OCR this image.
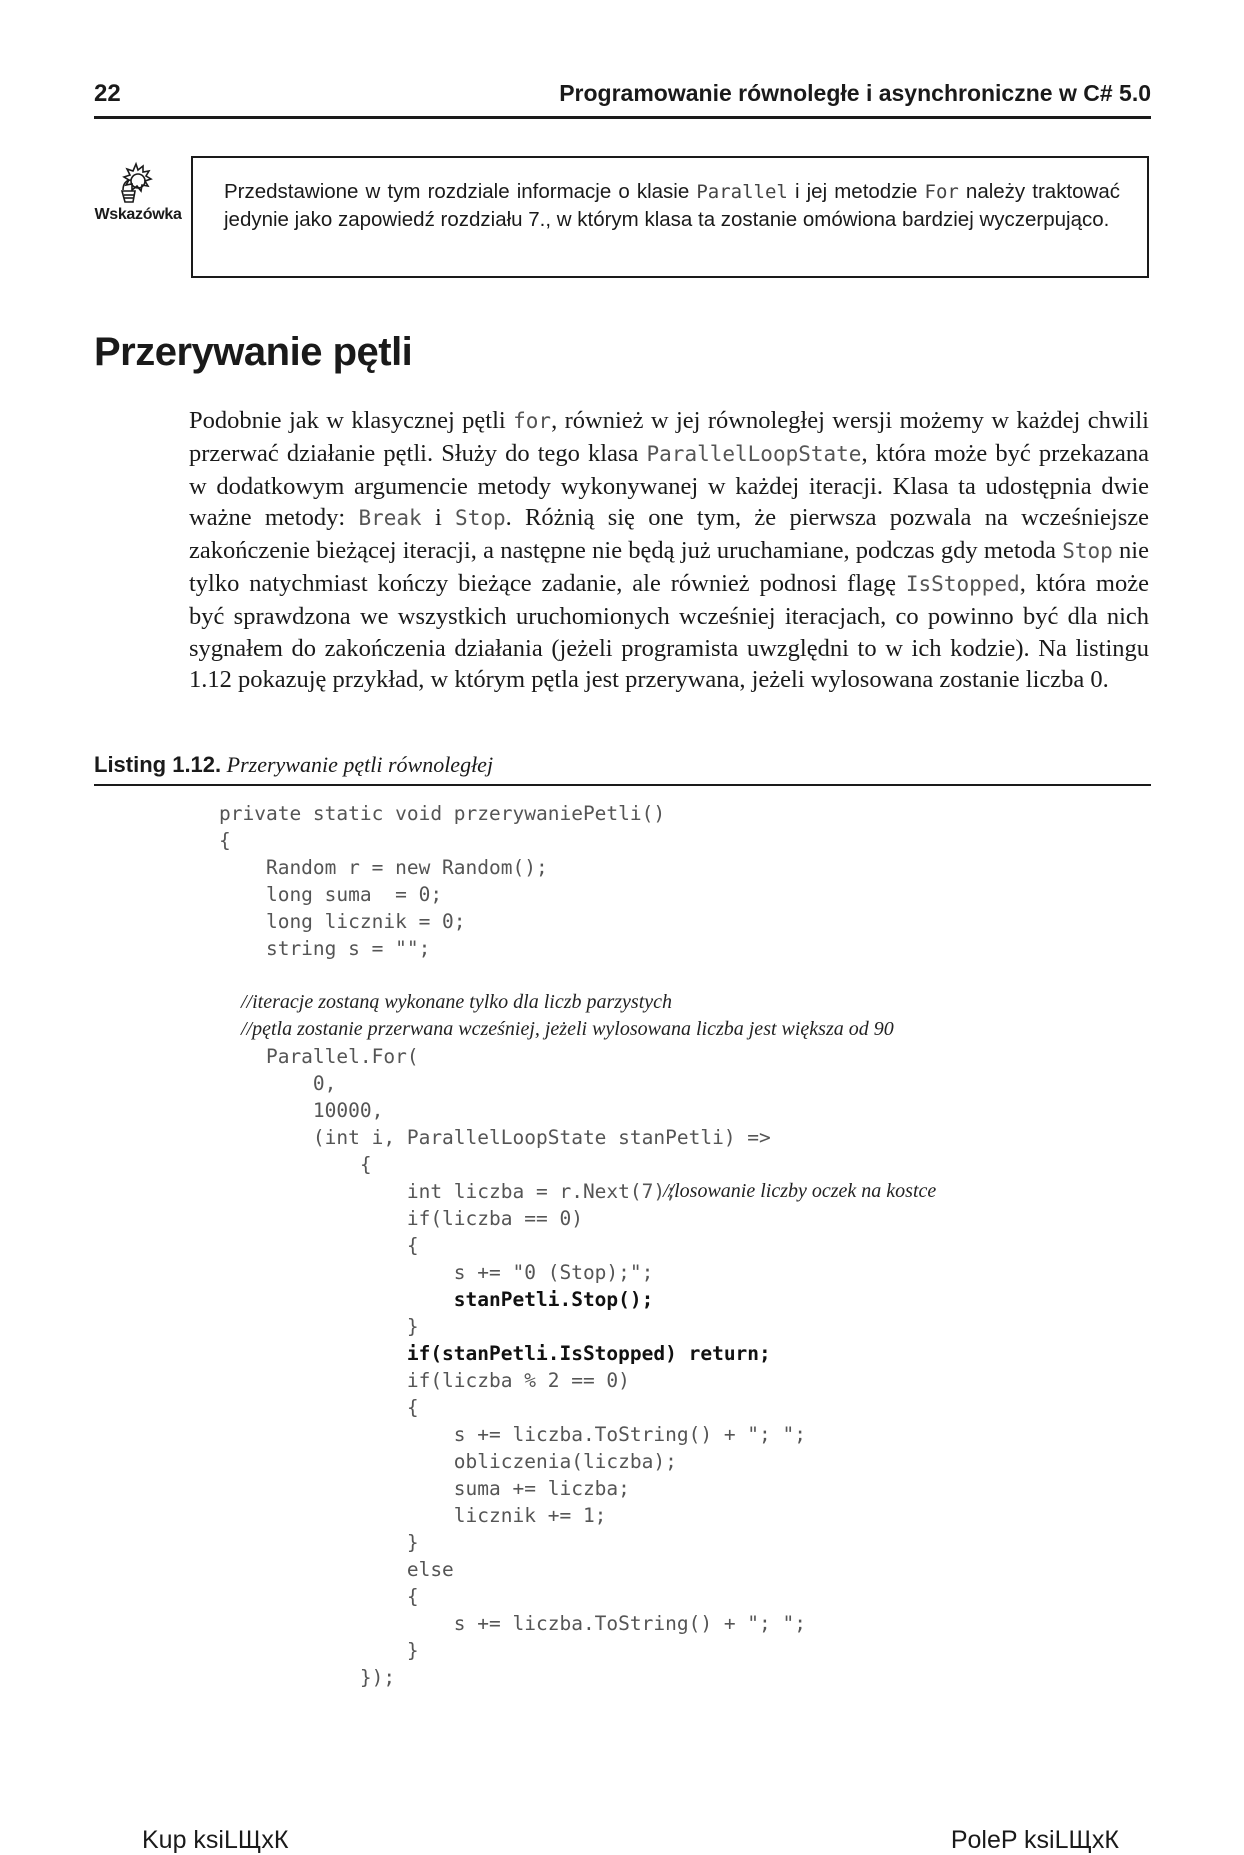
22	Programowanie równoległe i asynchroniczne w C# 5.0
Wskazówka
Przedstawione w tym rozdziale informacje o klasie Parallel i jej metodzie For należy traktować jedynie jako zapowiedź rozdziału 7., w którym klasa ta zostanie omówiona bardziej wyczerpująco.
Przerywanie pętli
Podobnie jak w klasycznej pętli for, również w jej równoległej wersji możemy w każdej chwili przerwać działanie pętli. Służy do tego klasa ParallelLoopState, która może być przekazana w dodatkowym argumencie metody wykonywanej w każdej iteracji. Klasa ta udostępnia dwie ważne metody: Break i Stop. Różnią się one tym, że pierwsza pozwala na wcześniejsze zakończenie bieżącej iteracji, a następne nie będą już uruchamiane, podczas gdy metoda Stop nie tylko natychmiast kończy bieżące zadanie, ale również podnosi flagę IsStopped, która może być sprawdzona we wszystkich uruchomionych wcześniej iteracjach, co powinno być dla nich sygnałem do zakończenia działania (jeżeli programista uwzględni to w ich kodzie). Na listingu 1.12 pokazuję przykład, w którym pętla jest przerywana, jeżeli wylosowana zostanie liczba 0.
Listing 1.12. Przerywanie pętli równoległej
private static void przerywaniePetli()
{
Random r = new Random();
long suma  = 0;
long licznik = 0;
string s = "";
//iteracje zostaną wykonane tylko dla liczb parzystych
//pętla zostanie przerwana wcześniej, jeżeli wylosowana liczba jest większa od 90
Parallel.For(
0,
10000,
(int i, ParallelLoopState stanPetli) =>
{
int liczba = r.Next(7);
//losowanie liczby oczek na kostce
if(liczba == 0)
{
s += "0 (Stop);";
stanPetli.Stop();
}
if(stanPetli.IsStopped) return;
if(liczba % 2 == 0)
{
s += liczba.ToString() + "; ";
obliczenia(liczba);
suma += liczba;
licznik += 1;
}
else
{
s += liczba.ToString() + "; ";
}
});
Kup ksiLЩxК	PoleP ksiLЩxК
